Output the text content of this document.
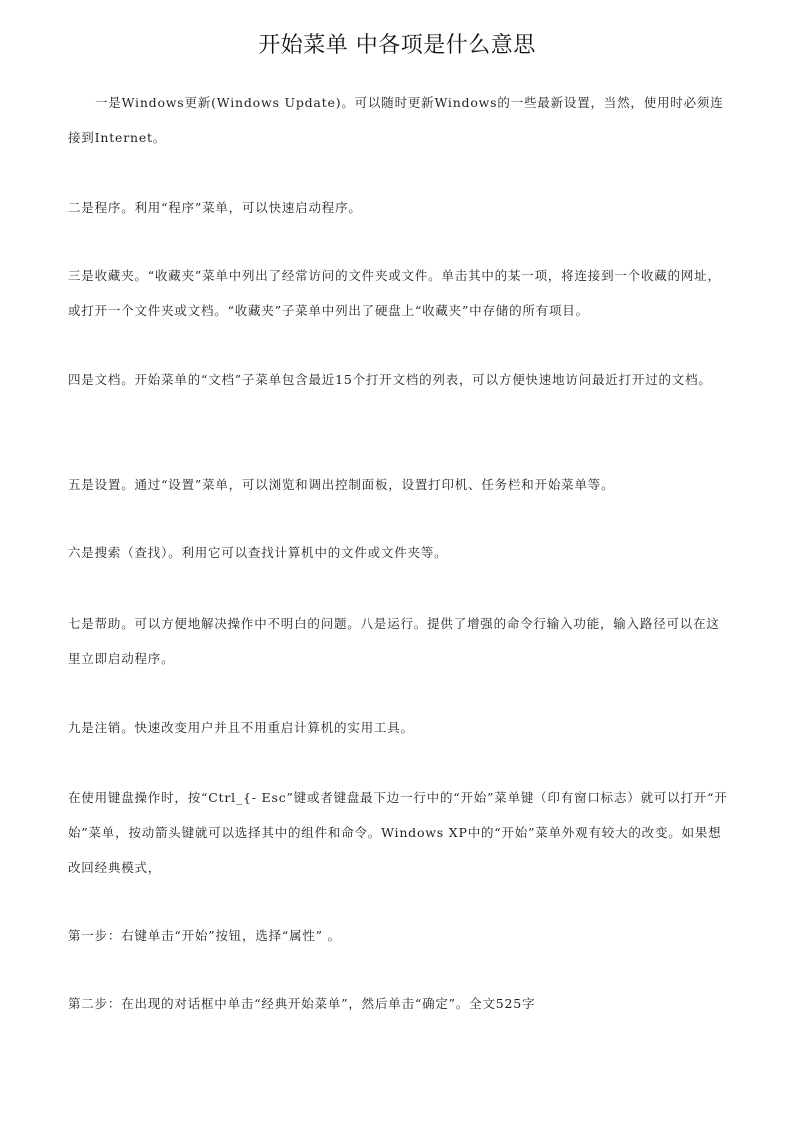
开始菜单 中各项是什么意思

一是Windows更新(Windows Update)。可以随时更新Windows的一些最新设置，当然，使用时必须连接到Internet。

二是程序。利用“程序”菜单，可以快速启动程序。

三是收藏夹。“收藏夹”菜单中列出了经常访问的文件夹或文件。单击其中的某一项，将连接到一个收藏的网址，或打开一个文件夹或文档。“收藏夹”子菜单中列出了硬盘上“收藏夹”中存储的所有项目。

四是文档。开始菜单的“文档”子菜单包含最近15个打开文档的列表，可以方便快速地访问最近打开过的文档。

五是设置。通过“设置”菜单，可以浏览和调出控制面板，设置打印机、任务栏和开始菜单等。

六是搜索（查找）。利用它可以查找计算机中的文件或文件夹等。

七是帮助。可以方便地解决操作中不明白的问题。八是运行。提供了增强的命令行输入功能，输入路径可以在这里立即启动程序。

九是注销。快速改变用户并且不用重启计算机的实用工具。

在使用键盘操作时，按“Ctrl_{- Esc”键或者键盘最下边一行中的“开始”菜单键（印有窗口标志）就可以打开“开始”菜单，按动箭头键就可以选择其中的组件和命令。Windows XP中的“开始”菜单外观有较大的改变。如果想改回经典模式，

第一步：右键单击“开始”按钮，选择“属性” 。

第二步：在出现的对话框中单击“经典开始菜单”，然后单击“确定”。全文525字
